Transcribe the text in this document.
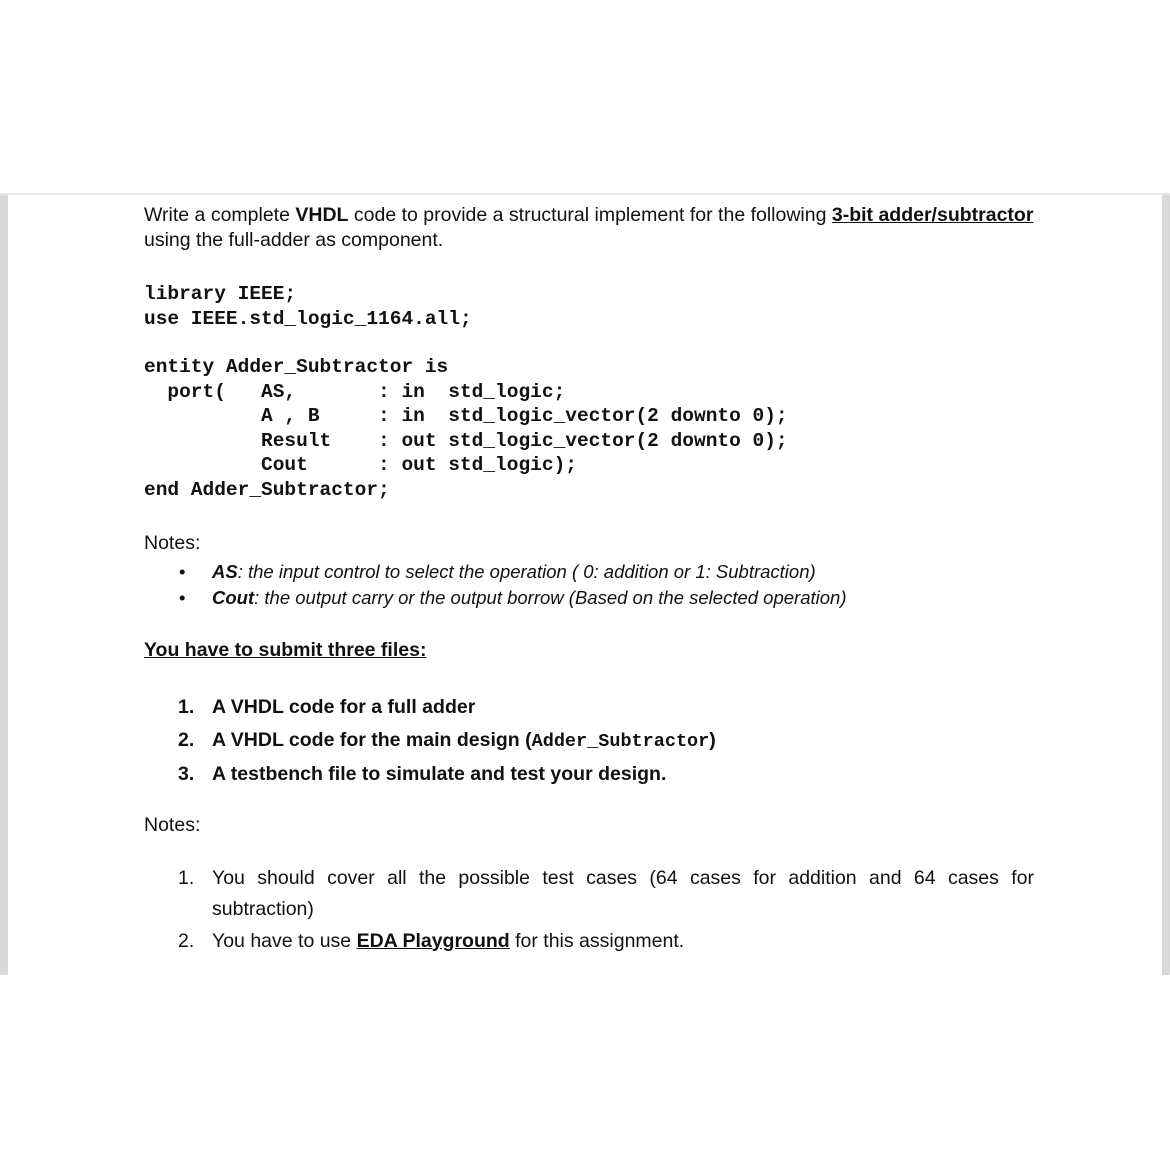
Write a complete VHDL code to provide a structural implement for the following 3-bit adder/subtractor using the full-adder as component.

library IEEE;
use IEEE.std_logic_1164.all;
entity Adder_Subtractor is
port(   AS,       : in  std_logic;
A , B     : in  std_logic_vector(2 downto 0);
Result    : out std_logic_vector(2 downto 0);
Cout      : out std_logic);
end Adder_Subtractor;
Notes:
• AS: the input control to select the operation ( 0: addition or 1: Subtraction)
• Cout: the output carry or the output borrow (Based on the selected operation)
You have to submit three files:
1. A VHDL code for a full adder
2. A VHDL code for the main design (Adder_Subtractor)
3. A testbench file to simulate and test your design.
Notes:
1. You should cover all the possible test cases (64 cases for addition and 64 cases for subtraction)
2. You have to use EDA Playground for this assignment.
